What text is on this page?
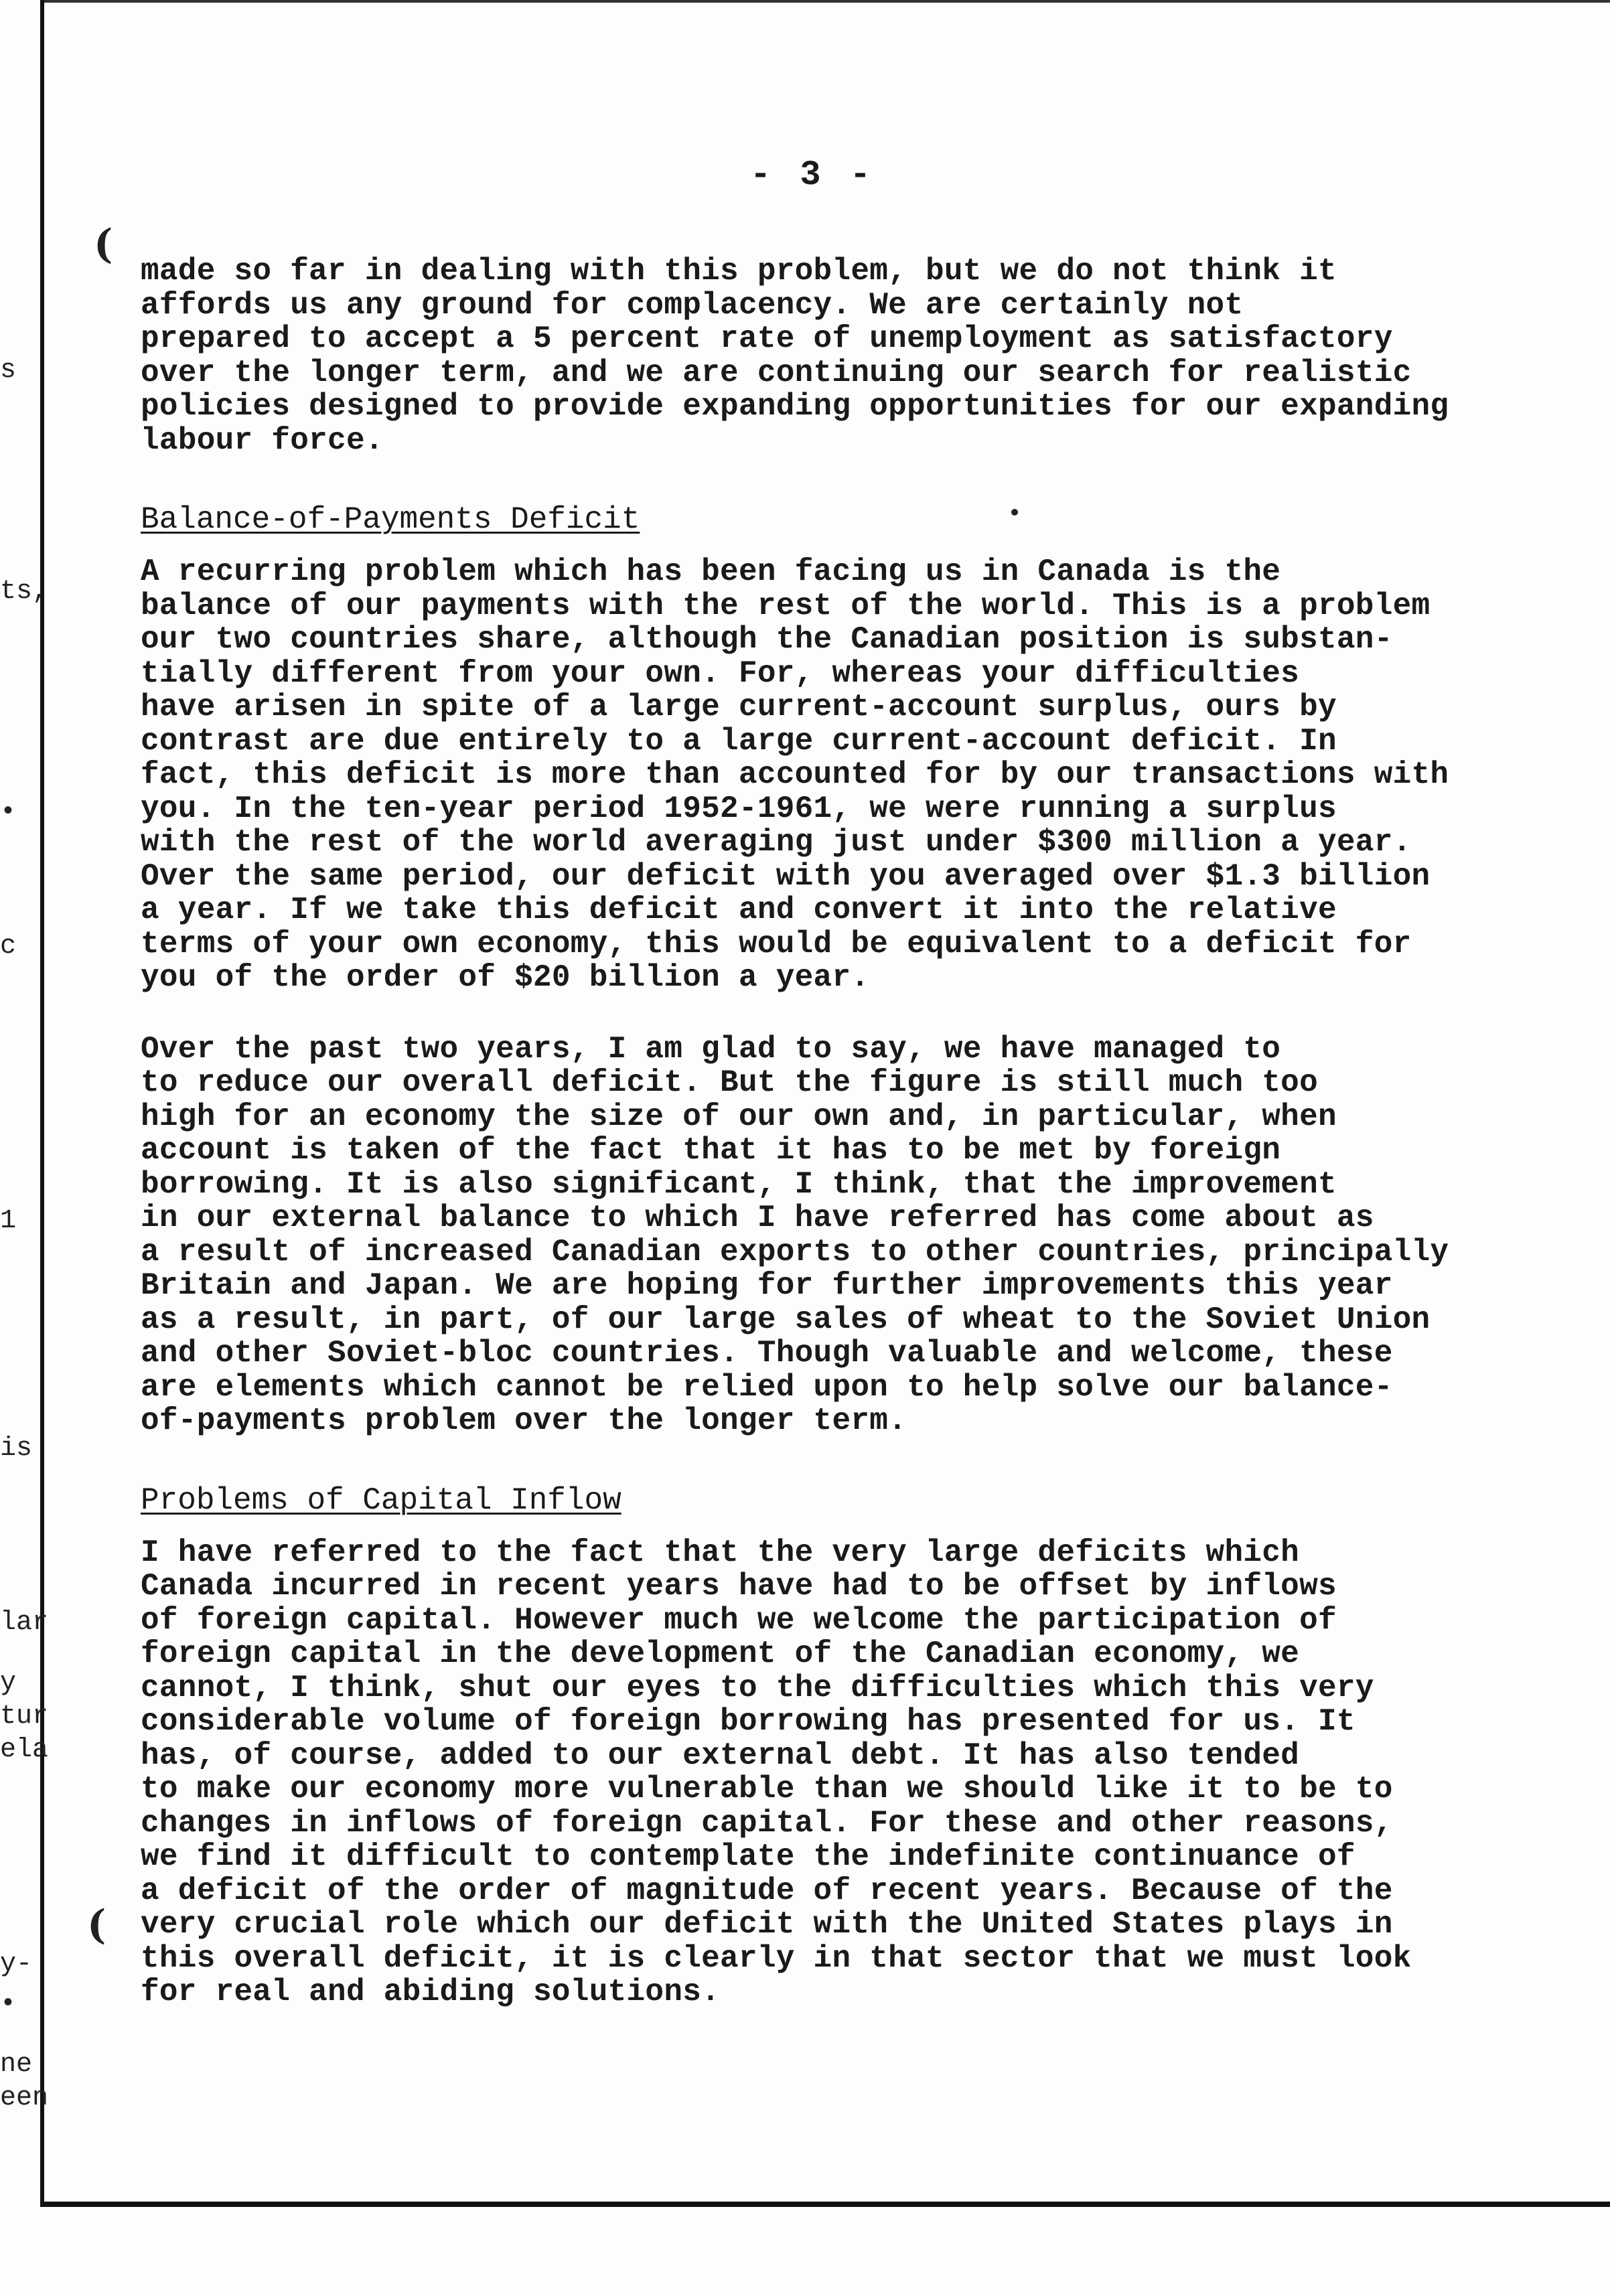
s
ts,
•
c
1
is
lar
y
tur
ela
y-
•
ne
een
(
(
- 3 -

made so far in dealing with this problem, but we do not think it
affords us any ground for complacency. We are certainly not
prepared to accept a 5 percent rate of unemployment as satisfactory
over the longer term, and we are continuing our search for realistic
policies designed to provide expanding opportunities for our expanding
labour force.

Balance-of-Payments Deficit

A recurring problem which has been facing us in Canada is the
balance of our payments with the rest of the world. This is a problem
our two countries share, although the Canadian position is substan-
tially different from your own. For, whereas your difficulties
have arisen in spite of a large current-account surplus, ours by
contrast are due entirely to a large current-account deficit. In
fact, this deficit is more than accounted for by our transactions with
you. In the ten-year period 1952-1961, we were running a surplus
with the rest of the world averaging just under $300 million a year.
Over the same period, our deficit with you averaged over $1.3 billion
a year. If we take this deficit and convert it into the relative
terms of your own economy, this would be equivalent to a deficit for
you of the order of $20 billion a year.

Over the past two years, I am glad to say, we have managed to
to reduce our overall deficit. But the figure is still much too
high for an economy the size of our own and, in particular, when
account is taken of the fact that it has to be met by foreign
borrowing. It is also significant, I think, that the improvement
in our external balance to which I have referred has come about as
a result of increased Canadian exports to other countries, principally
Britain and Japan. We are hoping for further improvements this year
as a result, in part, of our large sales of wheat to the Soviet Union
and other Soviet-bloc countries. Though valuable and welcome, these
are elements which cannot be relied upon to help solve our balance-
of-payments problem over the longer term.

Problems of Capital Inflow

I have referred to the fact that the very large deficits which
Canada incurred in recent years have had to be offset by inflows
of foreign capital. However much we welcome the participation of
foreign capital in the development of the Canadian economy, we
cannot, I think, shut our eyes to the difficulties which this very
considerable volume of foreign borrowing has presented for us. It
has, of course, added to our external debt. It has also tended
to make our economy more vulnerable than we should like it to be to
changes in inflows of foreign capital. For these and other reasons,
we find it difficult to contemplate the indefinite continuance of
a deficit of the order of magnitude of recent years. Because of the
very crucial role which our deficit with the United States plays in
this overall deficit, it is clearly in that sector that we must look
for real and abiding solutions.
